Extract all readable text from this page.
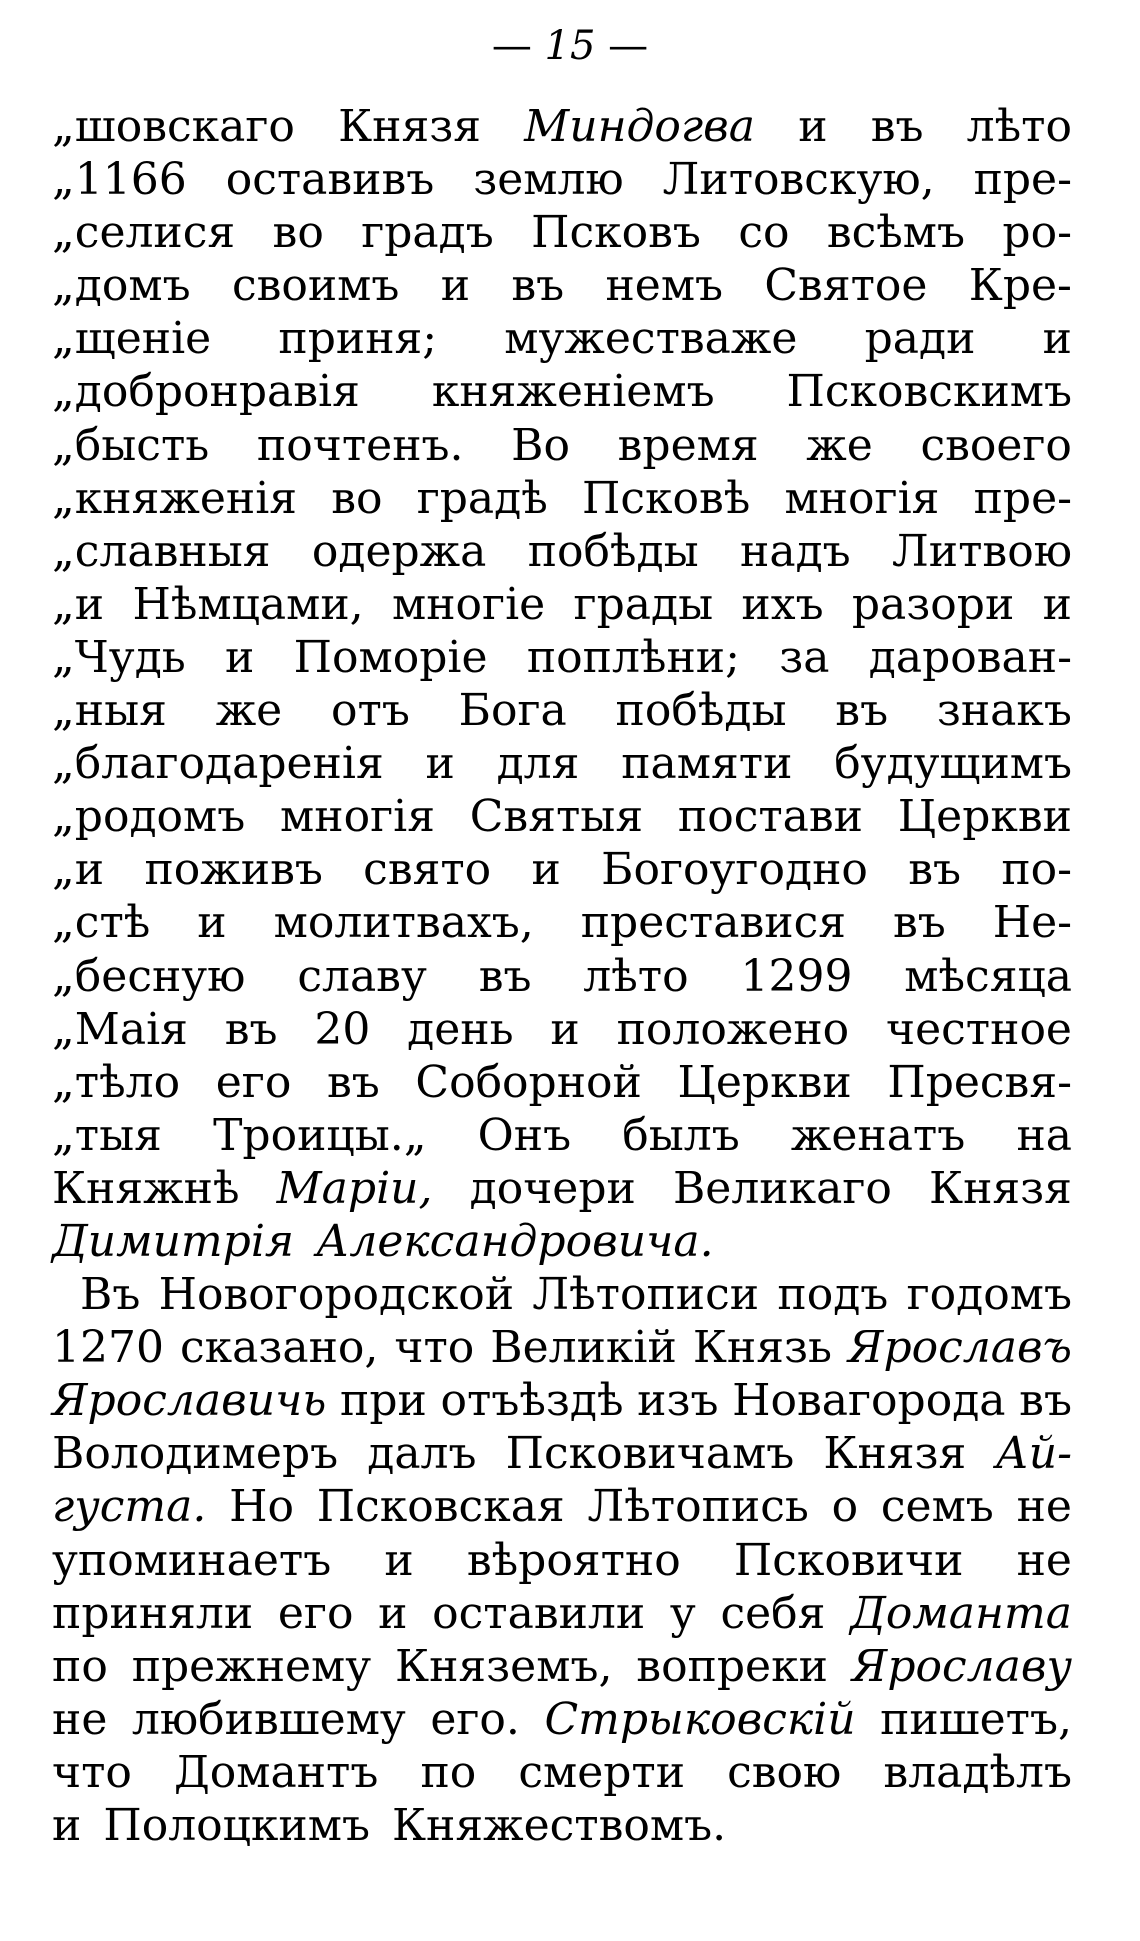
— 15 —
„шовскаго Князя Миндогва и въ лѣто
„1166 оставивъ землю Литовскую, пре-
„селися во градъ Псковъ со всѣмъ ро-
„домъ своимъ и въ немъ Святое Кре-
„щеніе приня; мужествaже ради и
„добронравія княженіемъ Псковскимъ
„бысть почтенъ. Во время же своего
„княженія во градѣ Псковѣ многія пре-
„славныя одержа побѣды надъ Литвою
„и Нѣмцами, многіе грады ихъ разори и
„Чудь и Поморіе поплѣни; за дарован-
„ныя же отъ Бога побѣды въ знакъ
„благодаренія и для памяти будущимъ
„родомъ многія Святыя постави Церкви
„и поживъ свято и Богоугодно въ по-
„стѣ и молитвахъ, преставися въ Не-
„бесную славу въ лѣто 1299 мѣсяца
„Маія въ 20 день и положено честное
„тѣло его въ Соборной Церкви Пресвя-
„тыя Троицы.„ Онъ былъ женатъ на
Княжнѣ Маріи, дочери Великаго Князя
Димитрія Александровича.
Въ Новогородской Лѣтописи подъ годомъ
1270 сказано, что Великій Князь Ярославъ
Ярославичь при отъѣздѣ изъ Новагорода въ
Володимеръ далъ Псковичамъ Князя Ай-
густа. Но Псковская Лѣтопись о семъ не
упоминаетъ и вѣроятно Псковичи не
приняли его и оставили у себя Доманта
по прежнему Княземъ, вопреки Ярославу
не любившему его. Стрыковскій пишетъ,
что Домантъ по смерти свою владѣлъ
и Полоцкимъ Княжествомъ.
